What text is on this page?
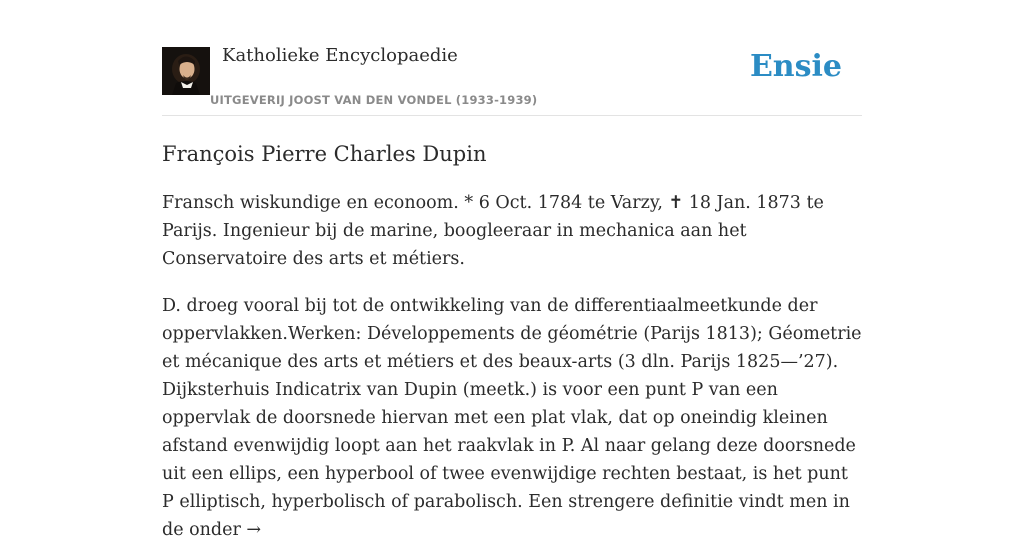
Katholieke Encyclopaedie
UITGEVERIJ JOOST VAN DEN VONDEL (1933-1939)
Ensie
François Pierre Charles Dupin

Fransch wiskundige en econoom. * 6 Oct. 1784 te Varzy, ✝ 18 Jan. 1873 te Parijs. Ingenieur bij de marine, boogleeraar in mechanica aan het Conservatoire des arts et métiers.

D. droeg vooral bij tot de ontwikkeling van de differentiaalmeetkunde der oppervlakken.Werken: Développements de géométrie (Parijs 1813); Géometrie et mécanique des arts et métiers et des beaux-arts (3 dln. Parijs 1825—’27). Dijksterhuis Indicatrix van Dupin (meetk.) is voor een punt P van een oppervlak de doorsnede hiervan met een plat vlak, dat op oneindig kleinen afstand evenwijdig loopt aan het raakvlak in P. Al naar gelang deze doorsnede uit een ellips, een hyperbool of twee evenwijdige rechten bestaat, is het punt P elliptisch, hyperbolisch of parabolisch. Een strengere definitie vindt men in de onder →
